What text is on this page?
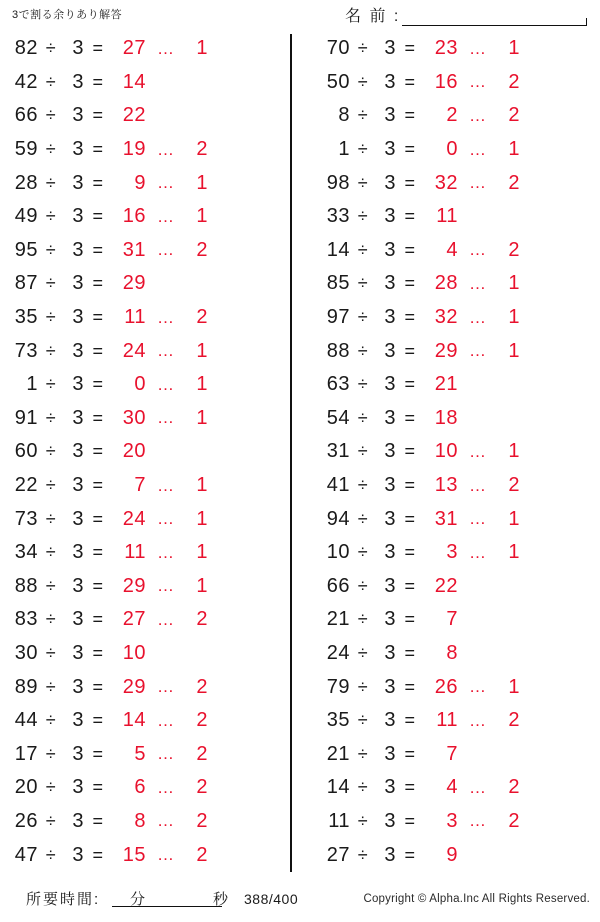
3で割る余りあり解答	名 前 :
82 ÷ 3 = 27 …	1
42 ÷ 3 = 14
66 ÷ 3 = 22
59 ÷ 3 = 19 …	2
28 ÷ 3 =	9 …	1
49 ÷ 3 = 16 …	1
95 ÷ 3 = 31 …	2
87 ÷ 3 = 29
35 ÷ 3 =	11 …	2
73 ÷ 3 = 24 …	1
1 ÷ 3 =	0 …	1
91 ÷ 3 = 30 …	1
60 ÷ 3 = 20
22 ÷ 3 =	7 …	1
73 ÷ 3 = 24 …	1
34 ÷ 3 =	11 …	1
88 ÷ 3 = 29 …	1
83 ÷ 3 = 27 …	2
30 ÷ 3 = 10
89 ÷ 3 = 29 …	2
44 ÷ 3 = 14 …	2
17 ÷ 3 =	5 …	2
20 ÷ 3 =	6 …	2
26 ÷ 3 =	8 …	2
47 ÷ 3 = 15 …	2
70 ÷ 3 = 23 …	1
50 ÷ 3 = 16 …	2
8 ÷ 3 =	2 …	2
1 ÷ 3 =	0 …	1
98 ÷ 3 = 32 …	2
33 ÷ 3 =	11
14 ÷ 3 =	4 …	2
85 ÷ 3 = 28 …	1
97 ÷ 3 = 32 …	1
88 ÷ 3 = 29 …	1
63 ÷ 3 = 21
54 ÷ 3 = 18
31 ÷ 3 = 10 …	1
41 ÷ 3 = 13 …	2
94 ÷ 3 = 31 …	1
10 ÷ 3 =	3 …	1
66 ÷ 3 = 22
21 ÷ 3 =	7
24 ÷ 3 =	8
79 ÷ 3 = 26 …	1
35 ÷ 3 =	11 …	2
21 ÷ 3 =	7
14 ÷ 3 =	4 …	2
11 ÷ 3 =	3 …	2
27 ÷ 3 =	9
所要時間: 分	秒 388/400	Copyright © Alpha.Inc All Rights Reserved.
